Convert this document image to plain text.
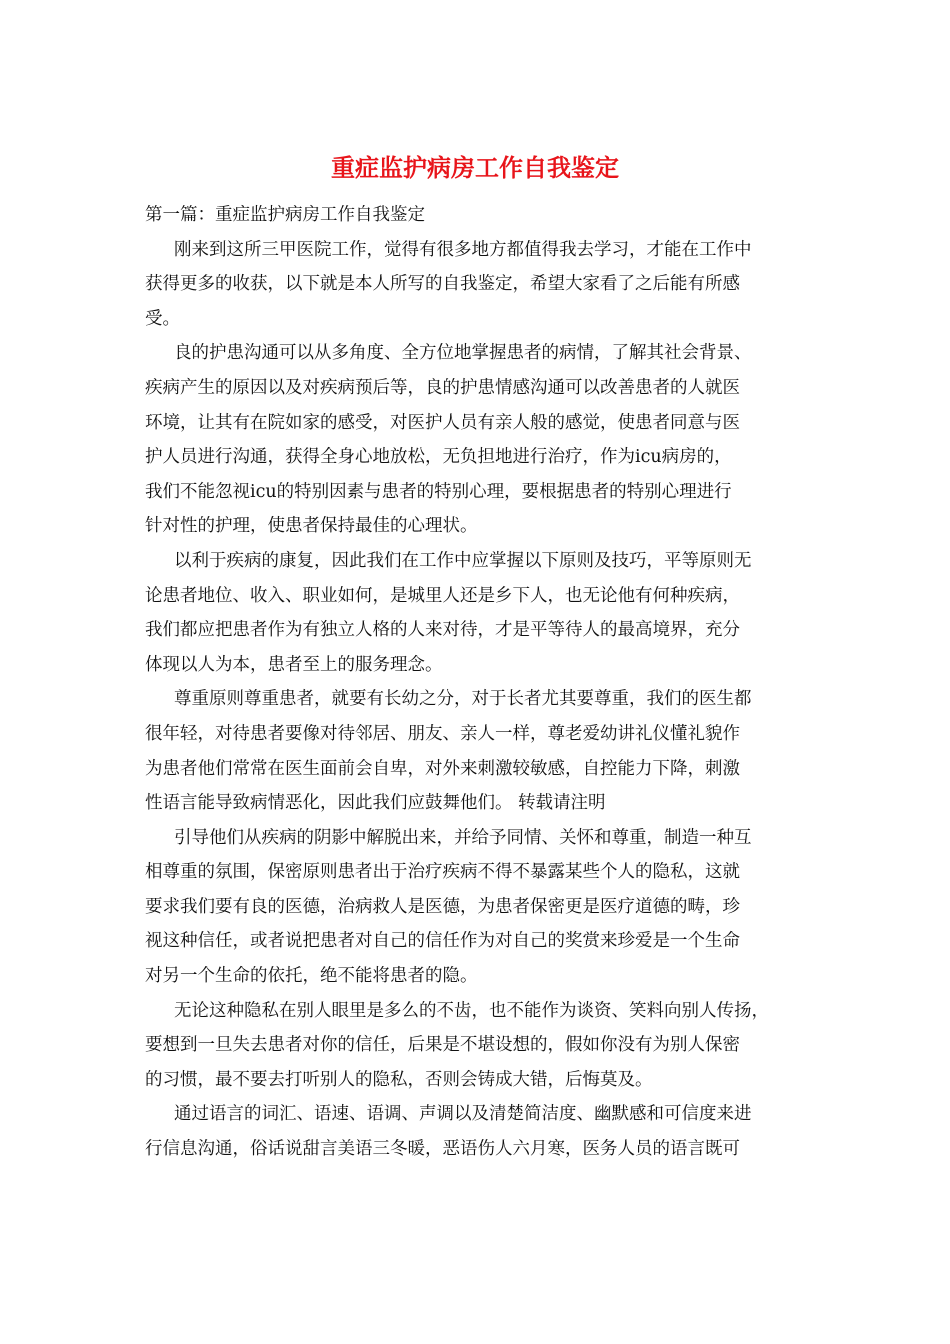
重症监护病房工作自我鉴定
第一篇：重症监护病房工作自我鉴定
刚来到这所三甲医院工作，觉得有很多地方都值得我去学习，才能在工作中
获得更多的收获，以下就是本人所写的自我鉴定，希望大家看了之后能有所感
受。
良的护患沟通可以从多角度、全方位地掌握患者的病情，了解其社会背景、
疾病产生的原因以及对疾病预后等，良的护患情感沟通可以改善患者的人就医
环境，让其有在院如家的感受，对医护人员有亲人般的感觉，使患者同意与医
护人员进行沟通，获得全身心地放松，无负担地进行治疗，作为icu病房的，
我们不能忽视icu的特别因素与患者的特别心理，要根据患者的特别心理进行
针对性的护理，使患者保持最佳的心理状。
以利于疾病的康复，因此我们在工作中应掌握以下原则及技巧，平等原则无
论患者地位、收入、职业如何，是城里人还是乡下人，也无论他有何种疾病，
我们都应把患者作为有独立人格的人来对待，才是平等待人的最高境界，充分
体现以人为本，患者至上的服务理念。
尊重原则尊重患者，就要有长幼之分，对于长者尤其要尊重，我们的医生都
很年轻，对待患者要像对待邻居、朋友、亲人一样，尊老爱幼讲礼仪懂礼貌作
为患者他们常常在医生面前会自卑，对外来刺激较敏感，自控能力下降，刺激
性语言能导致病情恶化，因此我们应鼓舞他们。 转载请注明
引导他们从疾病的阴影中解脱出来，并给予同情、关怀和尊重，制造一种互
相尊重的氛围，保密原则患者出于治疗疾病不得不暴露某些个人的隐私，这就
要求我们要有良的医德，治病救人是医德，为患者保密更是医疗道德的畴，珍
视这种信任，或者说把患者对自己的信任作为对自己的奖赏来珍爱是一个生命
对另一个生命的依托，绝不能将患者的隐。
无论这种隐私在别人眼里是多么的不齿，也不能作为谈资、笑料向别人传扬，
要想到一旦失去患者对你的信任，后果是不堪设想的，假如你没有为别人保密
的习惯，最不要去打听别人的隐私，否则会铸成大错，后悔莫及。
通过语言的词汇、语速、语调、声调以及清楚简洁度、幽默感和可信度来进
行信息沟通，俗话说甜言美语三冬暖，恶语伤人六月寒，医务人员的语言既可
